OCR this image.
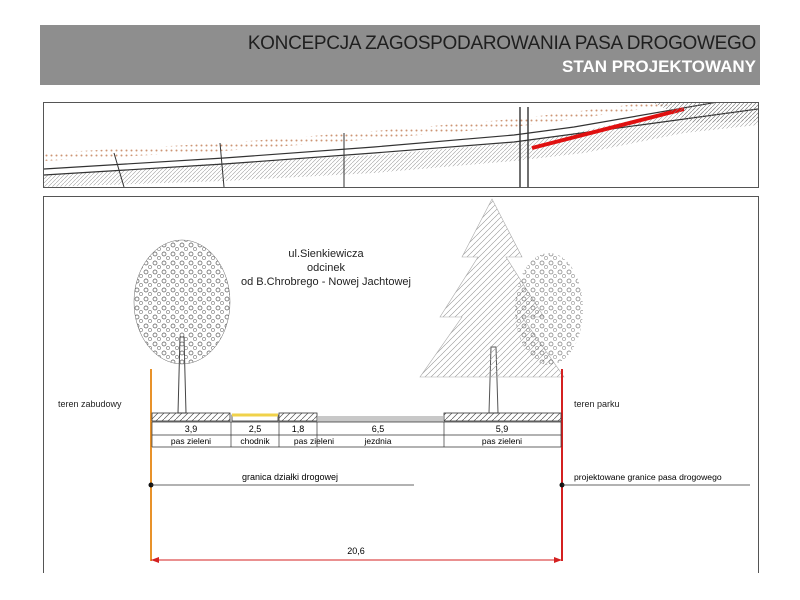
KONCEPCJA ZAGOSPODAROWANIA PASA DROGOWEGO
STAN PROJEKTOWANY
ul.Sienkiewicza
odcinek
od B.Chrobrego - Nowej Jachtowej
teren zabudowy	teren parku
3,9
pas zieleni
2,5
chodnik
1,8
pas zieleni
6,5
jezdnia
5,9
pas zieleni
granica działki drogowej	projektowane granice pasa drogowego
20,6
